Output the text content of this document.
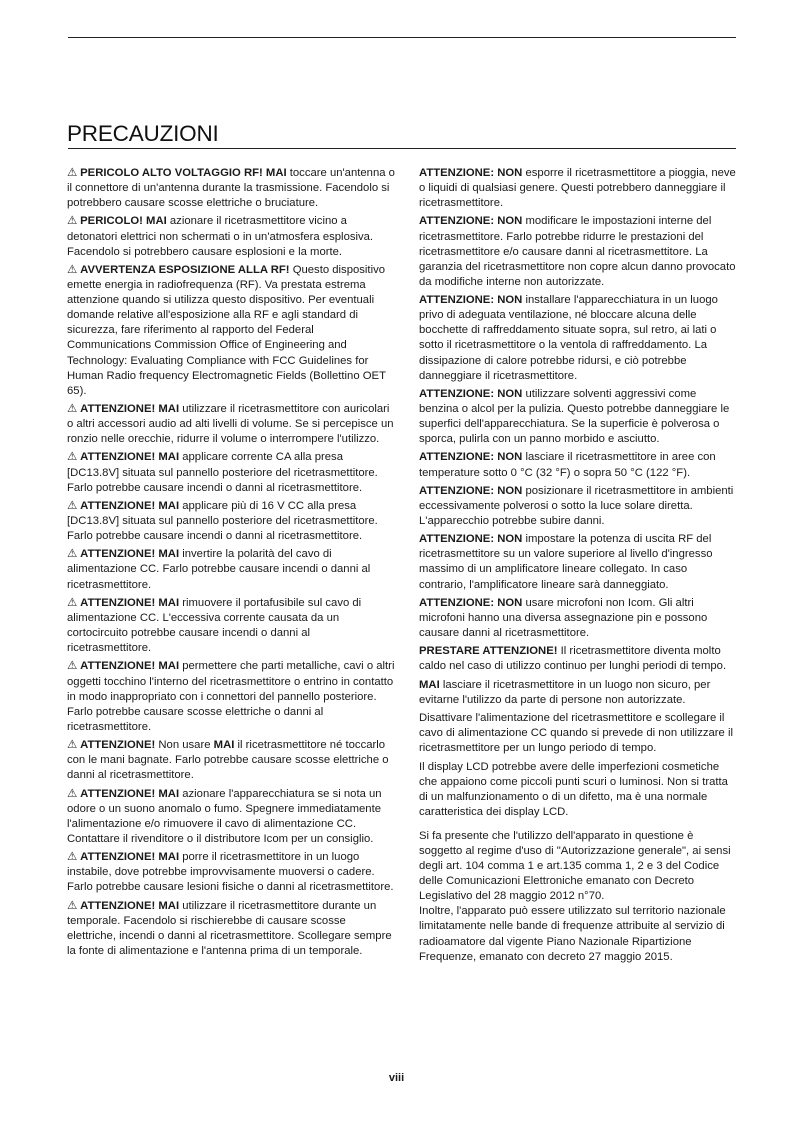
PRECAUZIONI

⚠ PERICOLO ALTO VOLTAGGIO RF! MAI toccare un'antenna o il connettore di un'antenna durante la trasmissione. Facendolo si potrebbero causare scosse elettriche o bruciature.

⚠ PERICOLO! MAI azionare il ricetrasmettitore vicino a detonatori elettrici non schermati o in un'atmosfera esplosiva. Facendolo si potrebbero causare esplosioni e la morte.

⚠ AVVERTENZA ESPOSIZIONE ALLA RF! Questo dispositivo emette energia in radiofrequenza (RF). Va prestata estrema attenzione quando si utilizza questo dispositivo. Per eventuali domande relative all'esposizione alla RF e agli standard di sicurezza, fare riferimento al rapporto del Federal Communications Commission Office of Engineering and Technology: Evaluating Compliance with FCC Guidelines for Human Radio frequency Electromagnetic Fields (Bollettino OET 65).

⚠ ATTENZIONE! MAI utilizzare il ricetrasmettitore con auricolari o altri accessori audio ad alti livelli di volume. Se si percepisce un ronzio nelle orecchie, ridurre il volume o interrompere l'utilizzo.

⚠ ATTENZIONE! MAI applicare corrente CA alla presa [DC13.8V] situata sul pannello posteriore del ricetrasmettitore. Farlo potrebbe causare incendi o danni al ricetrasmettitore.

⚠ ATTENZIONE! MAI applicare più di 16 V CC alla presa [DC13.8V] situata sul pannello posteriore del ricetrasmettitore. Farlo potrebbe causare incendi o danni al ricetrasmettitore.

⚠ ATTENZIONE! MAI invertire la polarità del cavo di alimentazione CC. Farlo potrebbe causare incendi o danni al ricetrasmettitore.

⚠ ATTENZIONE! MAI rimuovere il portafusibile sul cavo di alimentazione CC. L'eccessiva corrente causata da un cortocircuito potrebbe causare incendi o danni al ricetrasmettitore.

⚠ ATTENZIONE! MAI permettere che parti metalliche, cavi o altri oggetti tocchino l'interno del ricetrasmettitore o entrino in contatto in modo inappropriato con i connettori del pannello posteriore. Farlo potrebbe causare scosse elettriche o danni al ricetrasmettitore.

⚠ ATTENZIONE! Non usare MAI il ricetrasmettitore né toccarlo con le mani bagnate. Farlo potrebbe causare scosse elettriche o danni al ricetrasmettitore.

⚠ ATTENZIONE! MAI azionare l'apparecchiatura se si nota un odore o un suono anomalo o fumo. Spegnere immediatamente l'alimentazione e/o rimuovere il cavo di alimentazione CC. Contattare il rivenditore o il distributore Icom per un consiglio.

⚠ ATTENZIONE! MAI porre il ricetrasmettitore in un luogo instabile, dove potrebbe improvvisamente muoversi o cadere. Farlo potrebbe causare lesioni fisiche o danni al ricetrasmettitore.

⚠ ATTENZIONE! MAI utilizzare il ricetrasmettitore durante un temporale. Facendolo si rischierebbe di causare scosse elettriche, incendi o danni al ricetrasmettitore. Scollegare sempre la fonte di alimentazione e l'antenna prima di un temporale.

ATTENZIONE: NON esporre il ricetrasmettitore a pioggia, neve o liquidi di qualsiasi genere. Questi potrebbero danneggiare il ricetrasmettitore.

ATTENZIONE: NON modificare le impostazioni interne del ricetrasmettitore. Farlo potrebbe ridurre le prestazioni del ricetrasmettitore e/o causare danni al ricetrasmettitore. La garanzia del ricetrasmettitore non copre alcun danno provocato da modifiche interne non autorizzate.

ATTENZIONE: NON installare l'apparecchiatura in un luogo privo di adeguata ventilazione, né bloccare alcuna delle bocchette di raffreddamento situate sopra, sul retro, ai lati o sotto il ricetrasmettitore o la ventola di raffreddamento. La dissipazione di calore potrebbe ridursi, e ciò potrebbe danneggiare il ricetrasmettitore.

ATTENZIONE: NON utilizzare solventi aggressivi come benzina o alcol per la pulizia. Questo potrebbe danneggiare le superfici dell'apparecchiatura. Se la superficie è polverosa o sporca, pulirla con un panno morbido e asciutto.

ATTENZIONE: NON lasciare il ricetrasmettitore in aree con temperature sotto 0 °C (32 °F) o sopra 50 °C (122 °F).

ATTENZIONE: NON posizionare il ricetrasmettitore in ambienti eccessivamente polverosi o sotto la luce solare diretta. L'apparecchio potrebbe subire danni.

ATTENZIONE: NON impostare la potenza di uscita RF del ricetrasmettitore su un valore superiore al livello d'ingresso massimo di un amplificatore lineare collegato. In caso contrario, l'amplificatore lineare sarà danneggiato.

ATTENZIONE: NON usare microfoni non Icom. Gli altri microfoni hanno una diversa assegnazione pin e possono causare danni al ricetrasmettitore.

PRESTARE ATTENZIONE! Il ricetrasmettitore diventa molto caldo nel caso di utilizzo continuo per lunghi periodi di tempo.

MAI lasciare il ricetrasmettitore in un luogo non sicuro, per evitarne l'utilizzo da parte di persone non autorizzate.

Disattivare l'alimentazione del ricetrasmettitore e scollegare il cavo di alimentazione CC quando si prevede di non utilizzare il ricetrasmettitore per un lungo periodo di tempo.

Il display LCD potrebbe avere delle imperfezioni cosmetiche che appaiono come piccoli punti scuri o luminosi. Non si tratta di un malfunzionamento o di un difetto, ma è una normale caratteristica dei display LCD.

Si fa presente che l'utilizzo dell'apparato in questione è soggetto al regime d'uso di "Autorizzazione generale", ai sensi degli art. 104 comma 1 e art.135 comma 1, 2 e 3 del Codice delle Comunicazioni Elettroniche emanato con Decreto Legislativo del 28 maggio 2012 n°70.
Inoltre, l'apparato può essere utilizzato sul territorio nazionale limitatamente nelle bande di frequenze attribuite al servizio di radioamatore dal vigente Piano Nazionale Ripartizione Frequenze, emanato con decreto 27 maggio 2015.

viii
